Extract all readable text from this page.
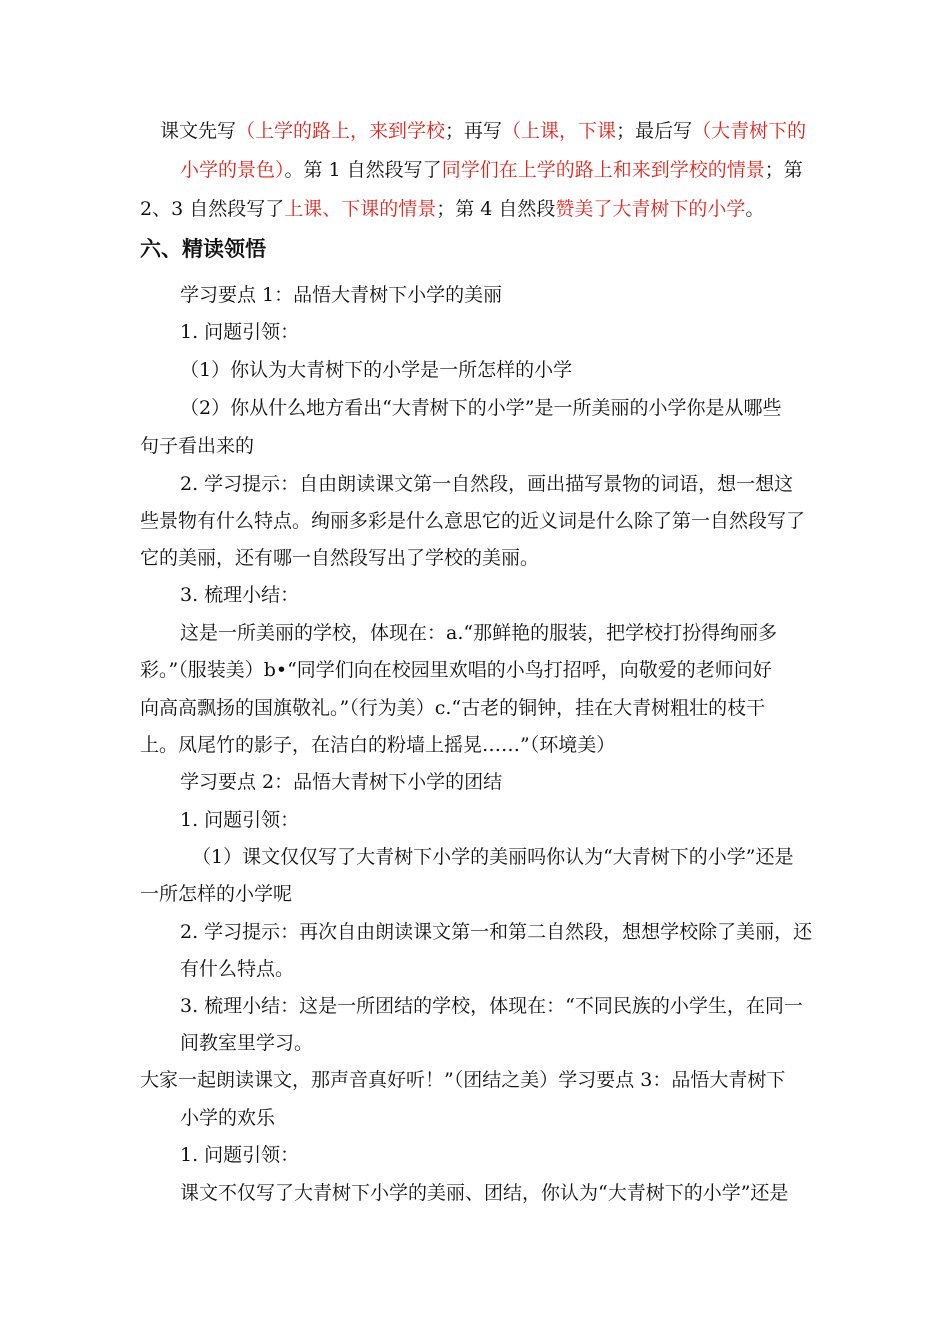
课文先写（上学的路上，来到学校；再写（上课，下课；最后写（大青树下的
小学的景色）。第 1 自然段写了同学们在上学的路上和来到学校的情景；第
2、3 自然段写了上课、下课的情景；第 4 自然段赞美了大青树下的小学。
六、精读领悟
学习要点 1：品悟大青树下小学的美丽
1. 问题引领：
（1）你认为大青树下的小学是一所怎样的小学
（2）你从什么地方看出“大青树下的小学”是一所美丽的小学你是从哪些
句子看出来的
2. 学习提示：自由朗读课文第一自然段，画出描写景物的词语，想一想这
些景物有什么特点。绚丽多彩是什么意思它的近义词是什么除了第一自然段写了
它的美丽，还有哪一自然段写出了学校的美丽。
3. 梳理小结：
这是一所美丽的学校，体现在：a.“那鲜艳的服装，把学校打扮得绚丽多
彩。”（服装美）b•“同学们向在校园里欢唱的小鸟打招呼，向敬爱的老师问好
向高高飘扬的国旗敬礼。”（行为美）c.“古老的铜钟，挂在大青树粗壮的枝干
上。凤尾竹的影子，在洁白的粉墙上摇晃……”（环境美）
学习要点 2：品悟大青树下小学的团结
1. 问题引领：
（1）课文仅仅写了大青树下小学的美丽吗你认为“大青树下的小学”还是
一所怎样的小学呢
2. 学习提示：再次自由朗读课文第一和第二自然段，想想学校除了美丽，还
有什么特点。
3. 梳理小结：这是一所团结的学校，体现在：“不同民族的小学生，在同一
间教室里学习。
大家一起朗读课文，那声音真好听！”（团结之美）学习要点 3：品悟大青树下
小学的欢乐
1. 问题引领：
课文不仅写了大青树下小学的美丽、团结，你认为“大青树下的小学”还是
